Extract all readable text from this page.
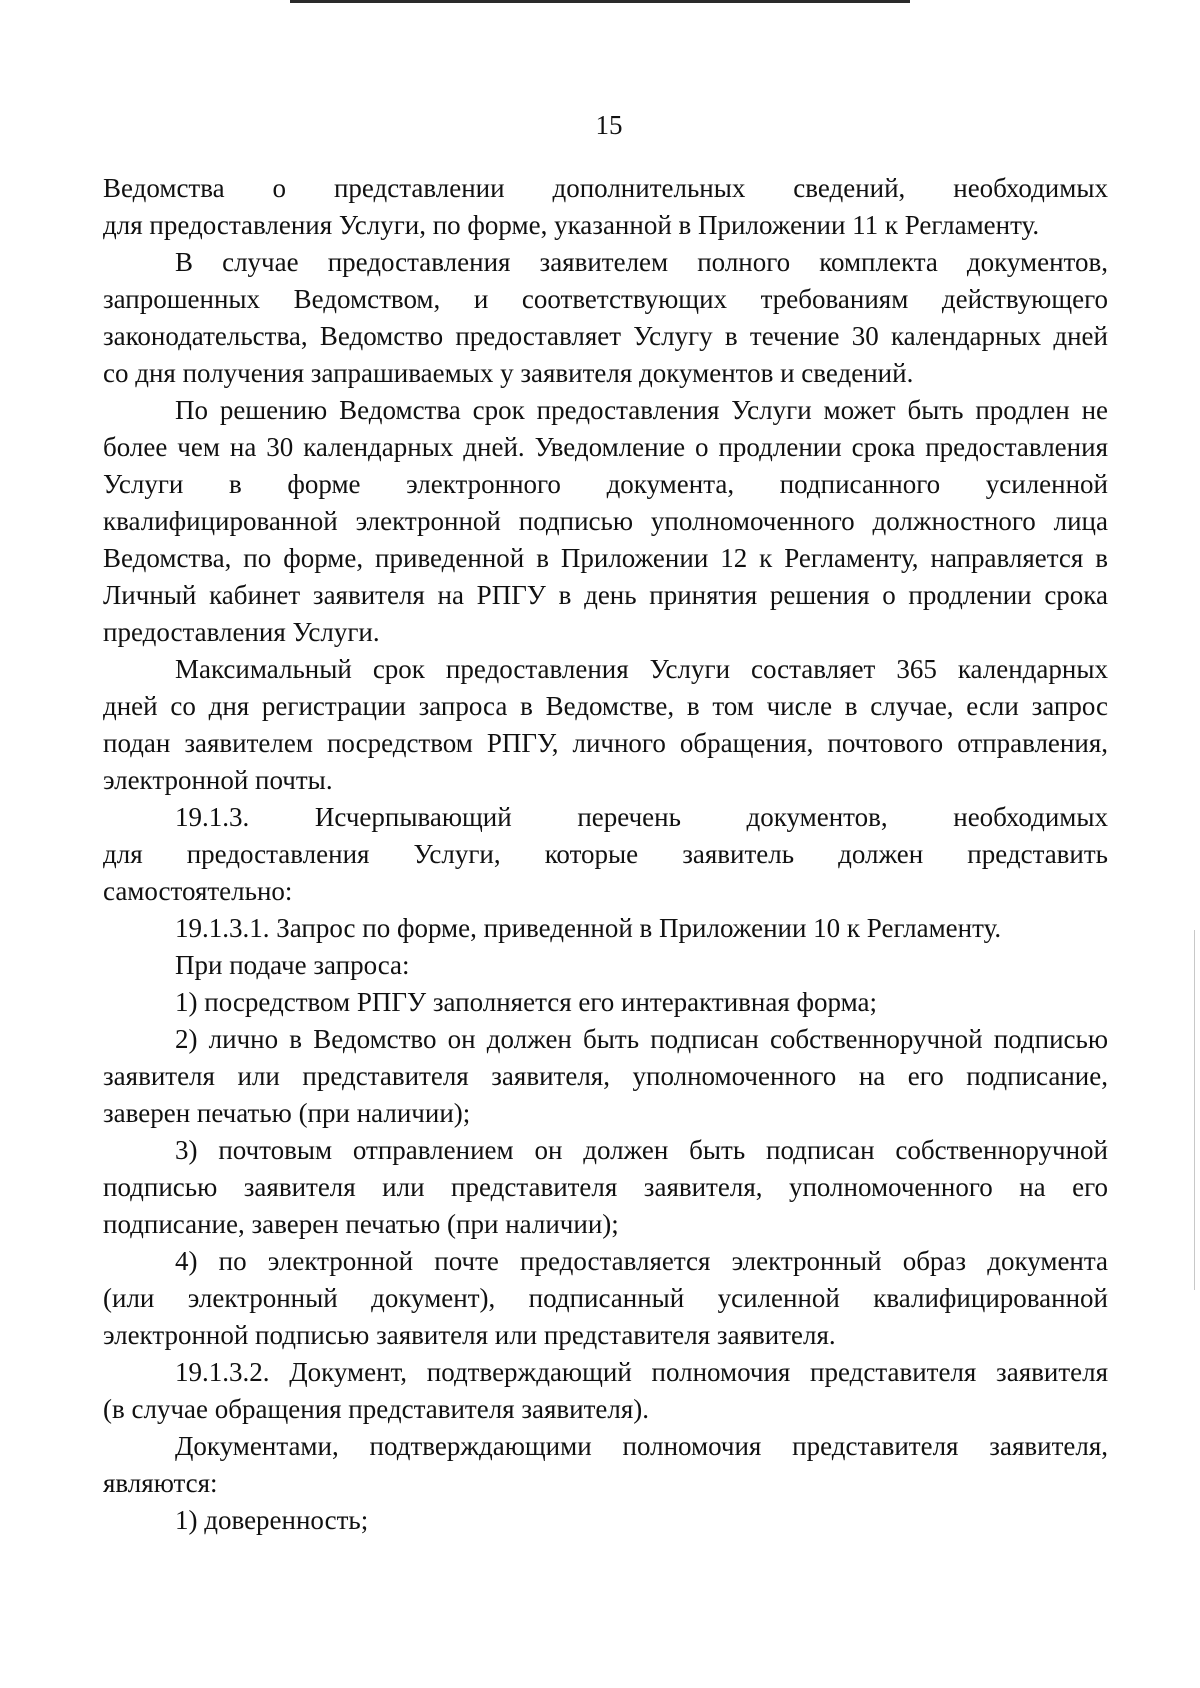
15
Ведомства о представлении дополнительных сведений, необходимых
для предоставления Услуги, по форме, указанной в Приложении 11 к Регламенту.
В случае предоставления заявителем полного комплекта документов,
запрошенных Ведомством, и соответствующих требованиям действующего
законодательства, Ведомство предоставляет Услугу в течение 30 календарных дней
со дня получения запрашиваемых у заявителя документов и сведений.
По решению Ведомства срок предоставления Услуги может быть продлен не
более чем на 30 календарных дней. Уведомление о продлении срока предоставления
Услуги в форме электронного документа, подписанного усиленной
квалифицированной электронной подписью уполномоченного должностного лица
Ведомства, по форме, приведенной в Приложении 12 к Регламенту, направляется в
Личный кабинет заявителя на РПГУ в день принятия решения о продлении срока
предоставления Услуги.
Максимальный срок предоставления Услуги составляет 365 календарных
дней со дня регистрации запроса в Ведомстве, в том числе в случае, если запрос
подан заявителем посредством РПГУ, личного обращения, почтового отправления,
электронной почты.
19.1.3. Исчерпывающий перечень документов, необходимых
для предоставления Услуги, которые заявитель должен представить
самостоятельно:
19.1.3.1. Запрос по форме, приведенной в Приложении 10 к Регламенту.
При подаче запроса:
1) посредством РПГУ заполняется его интерактивная форма;
2) лично в Ведомство он должен быть подписан собственноручной подписью
заявителя или представителя заявителя, уполномоченного на его подписание,
заверен печатью (при наличии);
3) почтовым отправлением он должен быть подписан собственноручной
подписью заявителя или представителя заявителя, уполномоченного на его
подписание, заверен печатью (при наличии);
4) по электронной почте предоставляется электронный образ документа
(или электронный документ), подписанный усиленной квалифицированной
электронной подписью заявителя или представителя заявителя.
19.1.3.2. Документ, подтверждающий полномочия представителя заявителя
(в случае обращения представителя заявителя).
Документами, подтверждающими полномочия представителя заявителя,
являются:
1) доверенность;
